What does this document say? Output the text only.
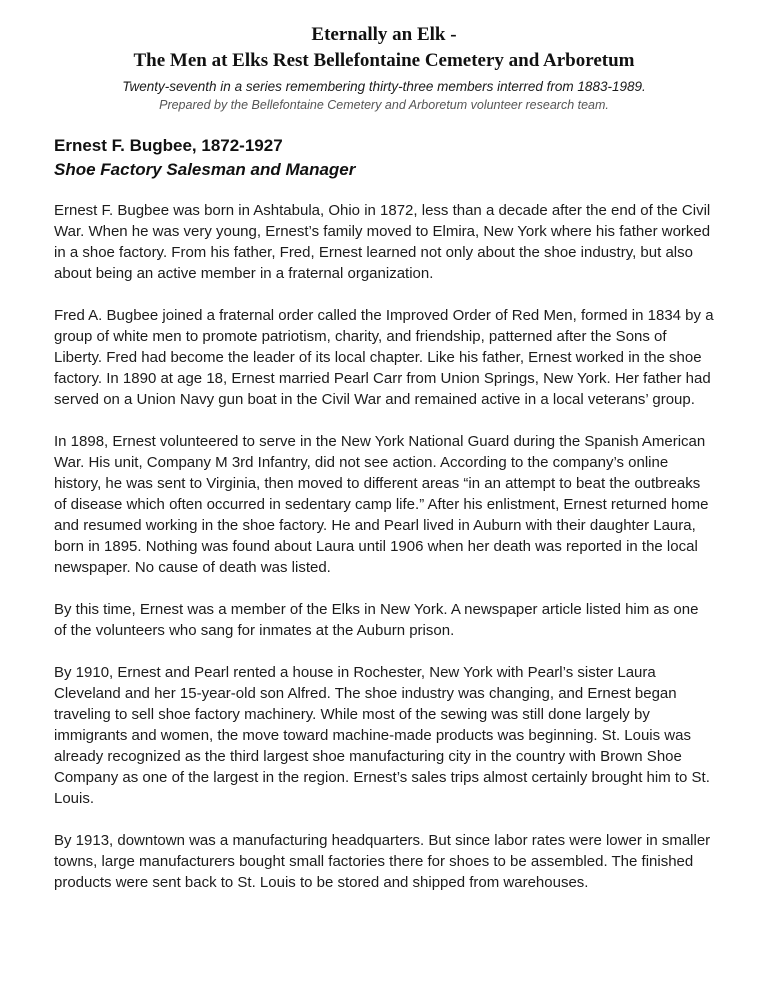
Eternally an Elk -
The Men at Elks Rest Bellefontaine Cemetery and Arboretum
Twenty-seventh in a series remembering thirty-three members interred from 1883-1989.
Prepared by the Bellefontaine Cemetery and Arboretum volunteer research team.
Ernest F. Bugbee, 1872-1927
Shoe Factory Salesman and Manager

Ernest F. Bugbee was born in Ashtabula, Ohio in 1872, less than a decade after the end of the Civil War. When he was very young, Ernest’s family moved to Elmira, New York where his father worked in a shoe factory. From his father, Fred, Ernest learned not only about the shoe industry, but also about being an active member in a fraternal organization.

Fred A. Bugbee joined a fraternal order called the Improved Order of Red Men, formed in 1834 by a group of white men to promote patriotism, charity, and friendship, patterned after the Sons of Liberty. Fred had become the leader of its local chapter. Like his father, Ernest worked in the shoe factory. In 1890 at age 18, Ernest married Pearl Carr from Union Springs, New York. Her father had served on a Union Navy gun boat in the Civil War and remained active in a local veterans’ group.

In 1898, Ernest volunteered to serve in the New York National Guard during the Spanish American War. His unit, Company M 3rd Infantry, did not see action. According to the company’s online history, he was sent to Virginia, then moved to different areas “in an attempt to beat the outbreaks of disease which often occurred in sedentary camp life.” After his enlistment, Ernest returned home and resumed working in the shoe factory. He and Pearl lived in Auburn with their daughter Laura, born in 1895. Nothing was found about Laura until 1906 when her death was reported in the local newspaper. No cause of death was listed.

By this time, Ernest was a member of the Elks in New York. A newspaper article listed him as one of the volunteers who sang for inmates at the Auburn prison.

By 1910, Ernest and Pearl rented a house in Rochester, New York with Pearl’s sister Laura Cleveland and her 15-year-old son Alfred. The shoe industry was changing, and Ernest began traveling to sell shoe factory machinery. While most of the sewing was still done largely by immigrants and women, the move toward machine-made products was beginning. St. Louis was already recognized as the third largest shoe manufacturing city in the country with Brown Shoe Company as one of the largest in the region. Ernest’s sales trips almost certainly brought him to St. Louis.

By 1913, downtown was a manufacturing headquarters. But since labor rates were lower in smaller towns, large manufacturers bought small factories there for shoes to be assembled. The finished products were sent back to St. Louis to be stored and shipped from warehouses.
